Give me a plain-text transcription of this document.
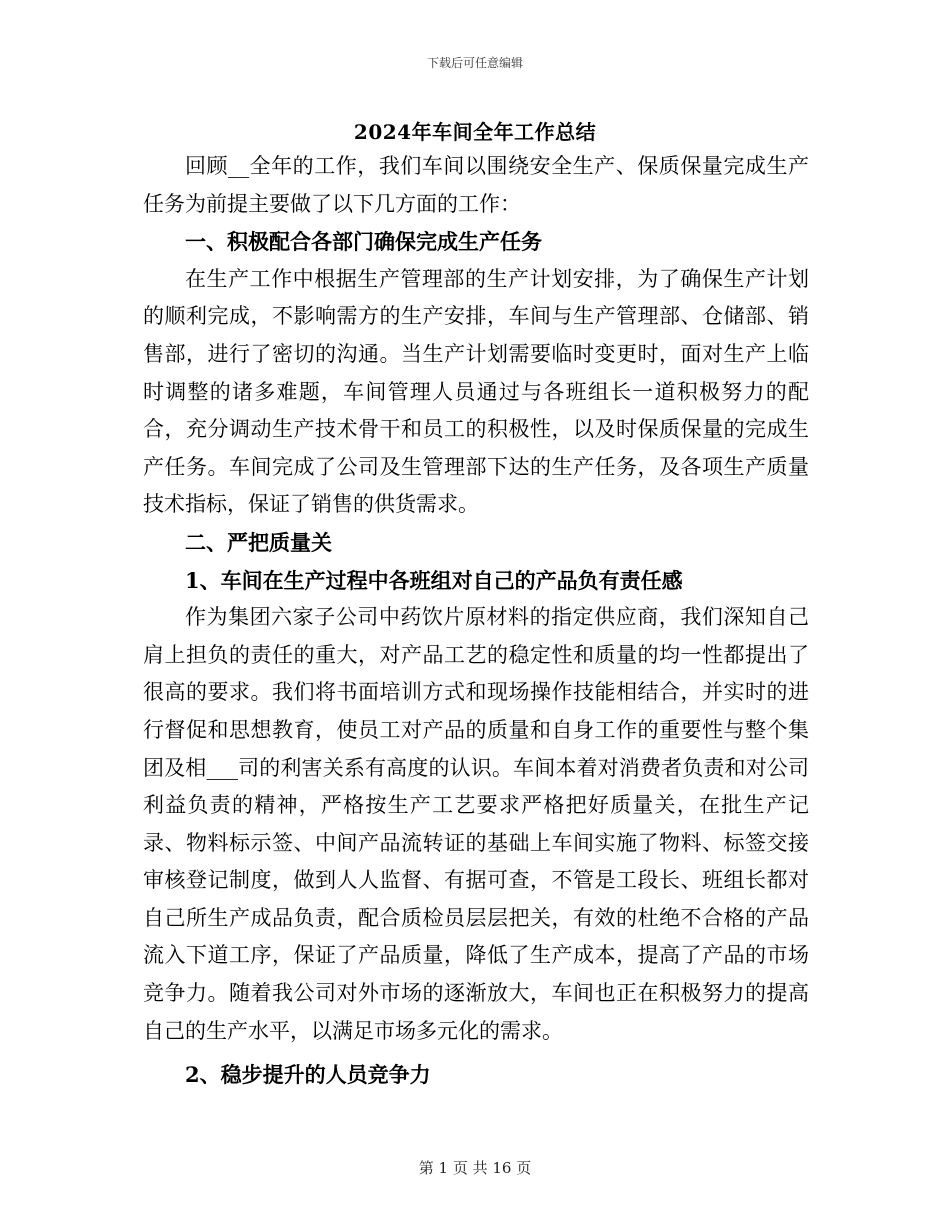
下载后可任意编辑
2024年车间全年工作总结

回顾__全年的工作，我们车间以围绕安全生产、保质保量完成生产任务为前提主要做了以下几方面的工作：

一、积极配合各部门确保完成生产任务

在生产工作中根据生产管理部的生产计划安排，为了确保生产计划的顺利完成，不影响需方的生产安排，车间与生产管理部、仓储部、销售部，进行了密切的沟通。当生产计划需要临时变更时，面对生产上临时调整的诸多难题，车间管理人员通过与各班组长一道积极努力的配合，充分调动生产技术骨干和员工的积极性，以及时保质保量的完成生产任务。车间完成了公司及生管理部下达的生产任务，及各项生产质量技术指标，保证了销售的供货需求。

二、严把质量关

1、车间在生产过程中各班组对自己的产品负有责任感

作为集团六家子公司中药饮片原材料的指定供应商，我们深知自己肩上担负的责任的重大，对产品工艺的稳定性和质量的均一性都提出了很高的要求。我们将书面培训方式和现场操作技能相结合，并实时的进行督促和思想教育，使员工对产品的质量和自身工作的重要性与整个集团及相___司的利害关系有高度的认识。车间本着对消费者负责和对公司利益负责的精神，严格按生产工艺要求严格把好质量关，在批生产记录、物料标示签、中间产品流转证的基础上车间实施了物料、标签交接审核登记制度，做到人人监督、有据可查，不管是工段长、班组长都对自己所生产成品负责，配合质检员层层把关，有效的杜绝不合格的产品流入下道工序，保证了产品质量，降低了生产成本，提高了产品的市场竞争力。随着我公司对外市场的逐渐放大，车间也正在积极努力的提高自己的生产水平，以满足市场多元化的需求。

2、稳步提升的人员竞争力

第 1 页 共 16 页
